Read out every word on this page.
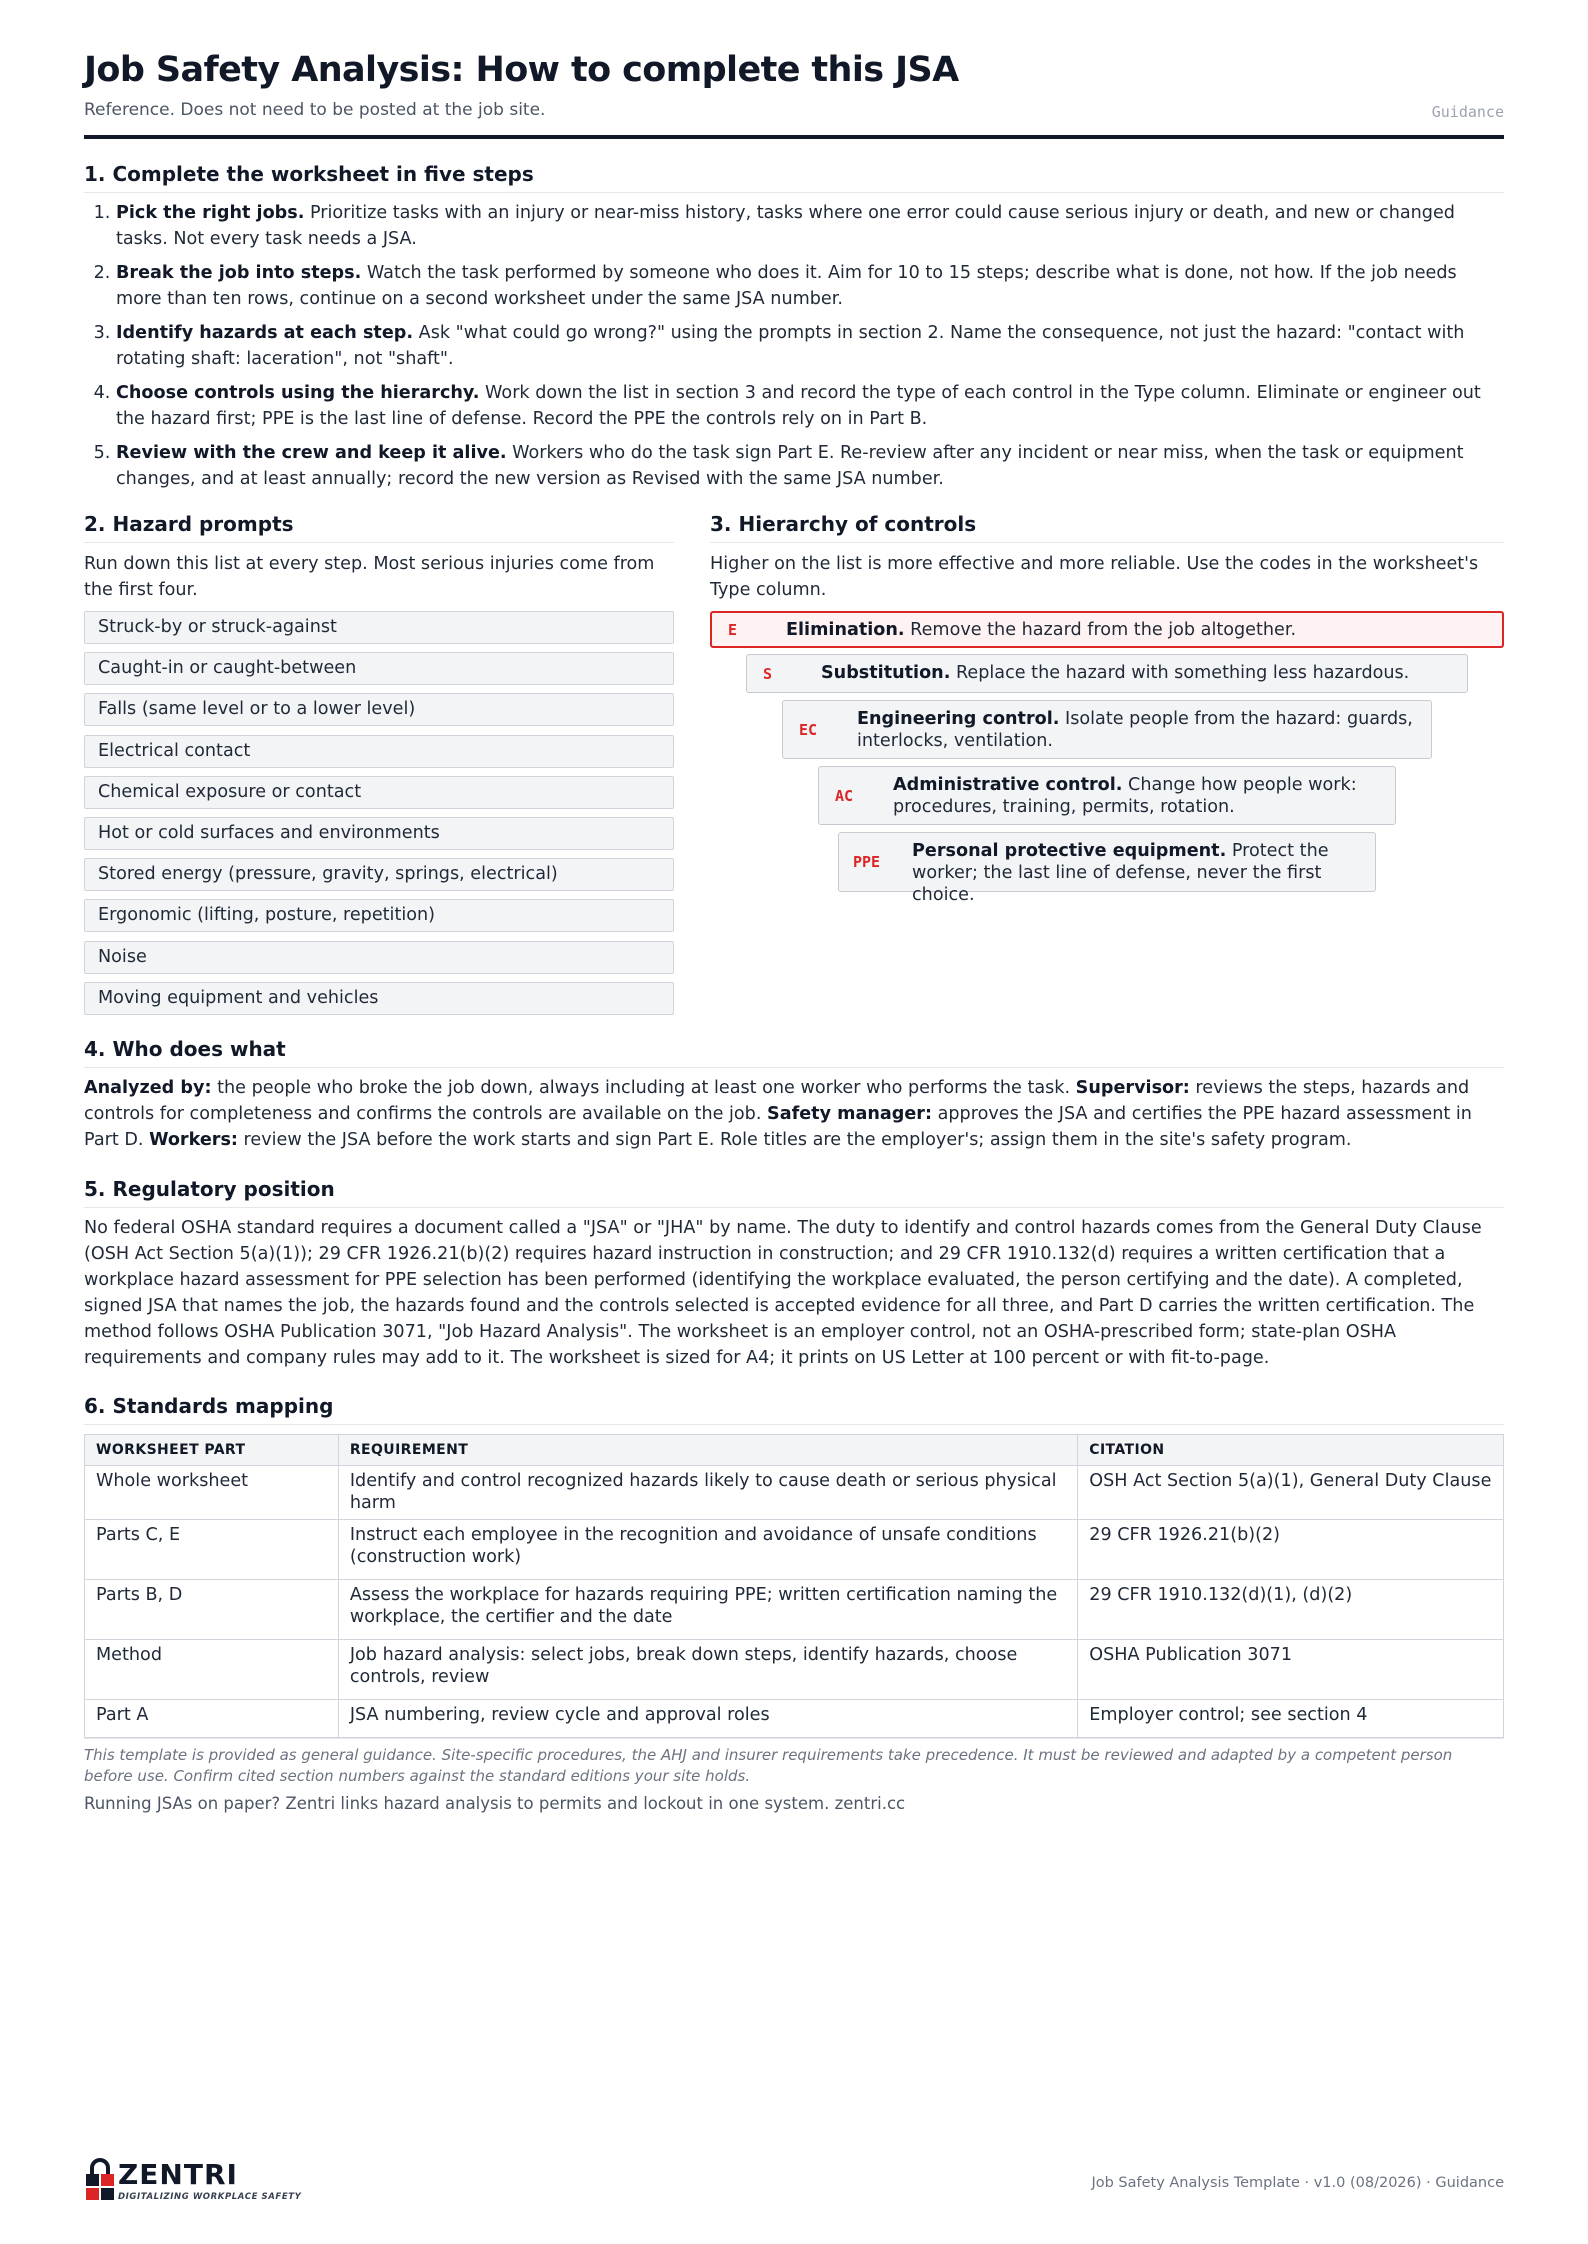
Job Safety Analysis: How to complete this JSA
Reference. Does not need to be posted at the job site.	Guidance
1. Complete the worksheet in five steps
1. Pick the right jobs. Prioritize tasks with an injury or near-miss history, tasks where one error could cause serious injury or death, and new or changed tasks. Not every task needs a JSA.
2. Break the job into steps. Watch the task performed by someone who does it. Aim for 10 to 15 steps; describe what is done, not how. If the job needs more than ten rows, continue on a second worksheet under the same JSA number.
3. Identify hazards at each step. Ask "what could go wrong?" using the prompts in section 2. Name the consequence, not just the hazard: "contact with rotating shaft: laceration", not "shaft".
4. Choose controls using the hierarchy. Work down the list in section 3 and record the type of each control in the Type column. Eliminate or engineer out the hazard first; PPE is the last line of defense. Record the PPE the controls rely on in Part B.
5. Review with the crew and keep it alive. Workers who do the task sign Part E. Re-review after any incident or near miss, when the task or equipment changes, and at least annually; record the new version as Revised with the same JSA number.
2. Hazard prompts
Run down this list at every step. Most serious injuries come from the first four.
Struck-by or struck-against
Caught-in or caught-between
Falls (same level or to a lower level)
Electrical contact
Chemical exposure or contact
Hot or cold surfaces and environments
Stored energy (pressure, gravity, springs, electrical)
Ergonomic (lifting, posture, repetition)
Noise
Moving equipment and vehicles
3. Hierarchy of controls
Higher on the list is more effective and more reliable. Use the codes in the worksheet's Type column.
E	Elimination. Remove the hazard from the job altogether.
S	Substitution. Replace the hazard with something less hazardous.
EC
Engineering control. Isolate people from the hazard: guards, interlocks, ventilation.
AC
Administrative control. Change how people work: procedures, training, permits, rotation.
PPE
Personal protective equipment. Protect the worker; the last line of defense, never the first choice.
4. Who does what
Analyzed by: the people who broke the job down, always including at least one worker who performs the task. Supervisor: reviews the steps, hazards and controls for completeness and confirms the controls are available on the job. Safety manager: approves the JSA and certifies the PPE hazard assessment in Part D. Workers: review the JSA before the work starts and sign Part E. Role titles are the employer's; assign them in the site's safety program.
5. Regulatory position
No federal OSHA standard requires a document called a "JSA" or "JHA" by name. The duty to identify and control hazards comes from the General Duty Clause (OSH Act Section 5(a)(1)); 29 CFR 1926.21(b)(2) requires hazard instruction in construction; and 29 CFR 1910.132(d) requires a written certification that a workplace hazard assessment for PPE selection has been performed (identifying the workplace evaluated, the person certifying and the date). A completed, signed JSA that names the job, the hazards found and the controls selected is accepted evidence for all three, and Part D carries the written certification. The method follows OSHA Publication 3071, "Job Hazard Analysis". The worksheet is an employer control, not an OSHA-prescribed form; state-plan OSHA requirements and company rules may add to it. The worksheet is sized for A4; it prints on US Letter at 100 percent or with fit-to-page.
6. Standards mapping
WORKSHEET PART	REQUIREMENT	CITATION
Whole worksheet	Identify and control recognized hazards likely to cause death or serious physical harm	OSH Act Section 5(a)(1), General Duty Clause
Parts C, E	Instruct each employee in the recognition and avoidance of unsafe conditions (construction work)	29 CFR 1926.21(b)(2)
Parts B, D	Assess the workplace for hazards requiring PPE; written certification naming the workplace, the certifier and the date	29 CFR 1910.132(d)(1), (d)(2)
Method	Job hazard analysis: select jobs, break down steps, identify hazards, choose controls, review	OSHA Publication 3071
Part A	JSA numbering, review cycle and approval roles	Employer control; see section 4
This template is provided as general guidance. Site-specific procedures, the AHJ and insurer requirements take precedence. It must be reviewed and adapted by a competent person before use. Confirm cited section numbers against the standard editions your site holds.
Running JSAs on paper? Zentri links hazard analysis to permits and lockout in one system. zentri.cc
ZENTRI
DIGITALIZING WORKPLACE SAFETY
Job Safety Analysis Template · v1.0 (08/2026) · Guidance
